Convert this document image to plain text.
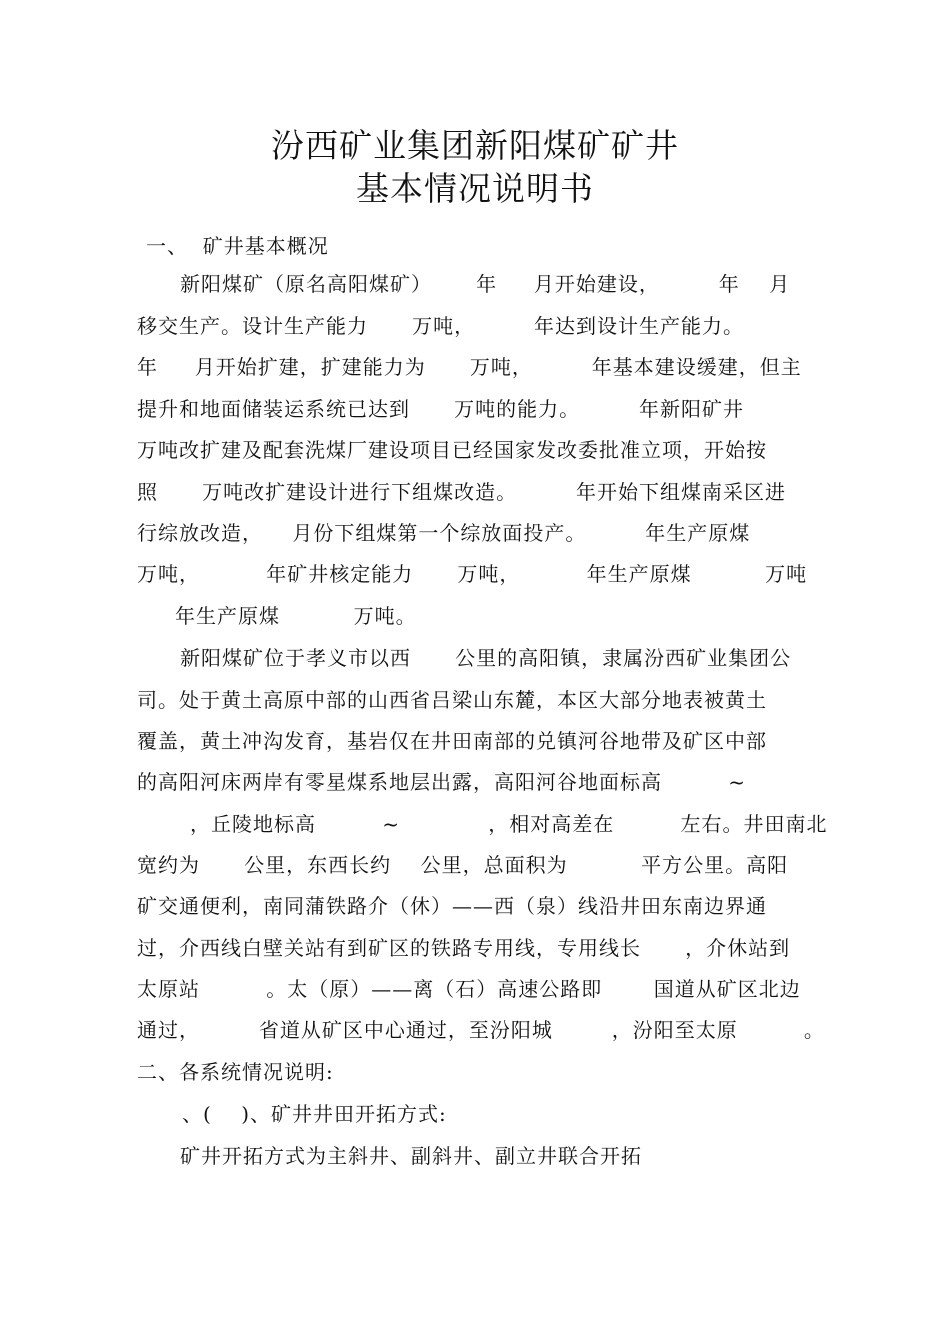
汾西矿业集团新阳煤矿矿井
基本情况说明书
一、  矿井基本概况
新阳煤矿（原名高阳煤矿）      年     月开始建设，        年    月
移交生产。设计生产能力      万吨，        年达到设计生产能力。
年     月开始扩建，扩建能力为      万吨，        年基本建设缓建，但主
提升和地面储装运系统已达到      万吨的能力。        年新阳矿井
万吨改扩建及配套洗煤厂建设项目已经国家发改委批准立项，开始按
照      万吨改扩建设计进行下组煤改造。        年开始下组煤南采区进
行综放改造，    月份下组煤第一个综放面投产。        年生产原煤
万吨，         年矿井核定能力      万吨，         年生产原煤          万吨
年生产原煤          万吨。
新阳煤矿位于孝义市以西      公里的高阳镇，隶属汾西矿业集团公
司。处于黄土高原中部的山西省吕梁山东麓，本区大部分地表被黄土
覆盖，黄土冲沟发育，基岩仅在井田南部的兑镇河谷地带及矿区中部
的高阳河床两岸有零星煤系地层出露，高阳河谷地面标高         ~
，丘陵地标高         ~            ，相对高差在         左右。井田南北
宽约为      公里，东西长约    公里，总面积为          平方公里。高阳
矿交通便利，南同蒲铁路介（休）——西（泉）线沿井田东南边界通
过，介西线白壁关站有到矿区的铁路专用线，专用线长      ，介休站到
太原站         。太（原）——离（石）高速公路即       国道从矿区北边
通过，        省道从矿区中心通过，至汾阳城        ，汾阳至太原         。
二、各系统情况说明:
、(    )、矿井井田开拓方式:
矿井开拓方式为主斜井、副斜井、副立井联合开拓
